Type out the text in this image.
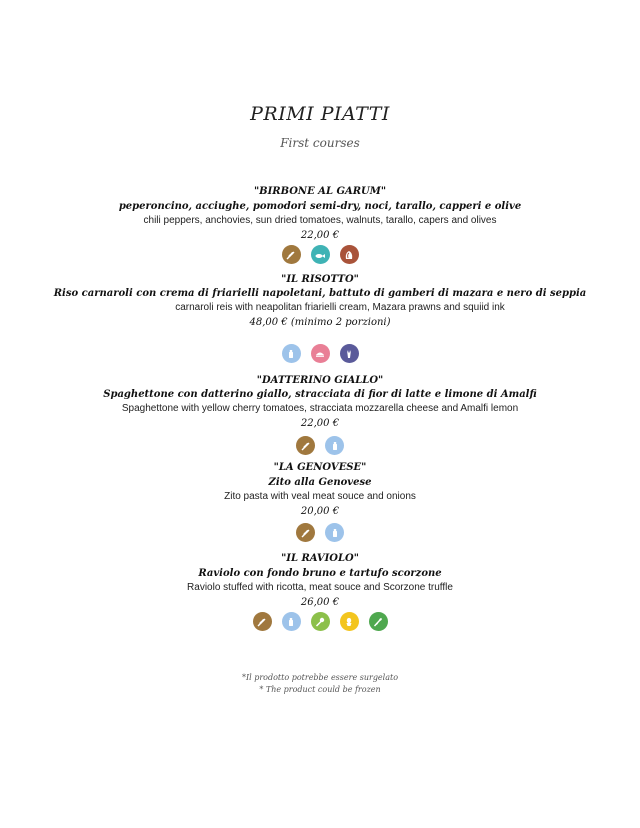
PRIMI PIATTI
First courses
"BIRBONE AL GARUM"
peperoncino, acciughe, pomodori semi-dry, noci, tarallo, capperi e olive
chili peppers, anchovies, sun dried tomatoes, walnuts, tarallo, capers and olives
22,00 €
"IL RISOTTO"
Riso carnaroli con crema di friarielli napoletani, battuto di gamberi di mazara e nero di seppia
carnaroli reis with neapolitan friarielli cream, Mazara prawns and squiid ink
48,00 € (minimo 2 porzioni)
"DATTERINO GIALLO"
Spaghettone con datterino giallo, stracciata di fior di latte e limone di Amalfi
Spaghettone with yellow cherry tomatoes, stracciata mozzarella cheese and Amalfi lemon
22,00 €
"LA GENOVESE"
Zito alla Genovese
Zito pasta with veal meat souce and onions
20,00 €
"IL RAVIOLO"
Raviolo con fondo bruno e tartufo scorzone
Raviolo stuffed with ricotta, meat souce and Scorzone truffle
26,00 €
*Il prodotto potrebbe essere surgelato
* The product could be frozen
